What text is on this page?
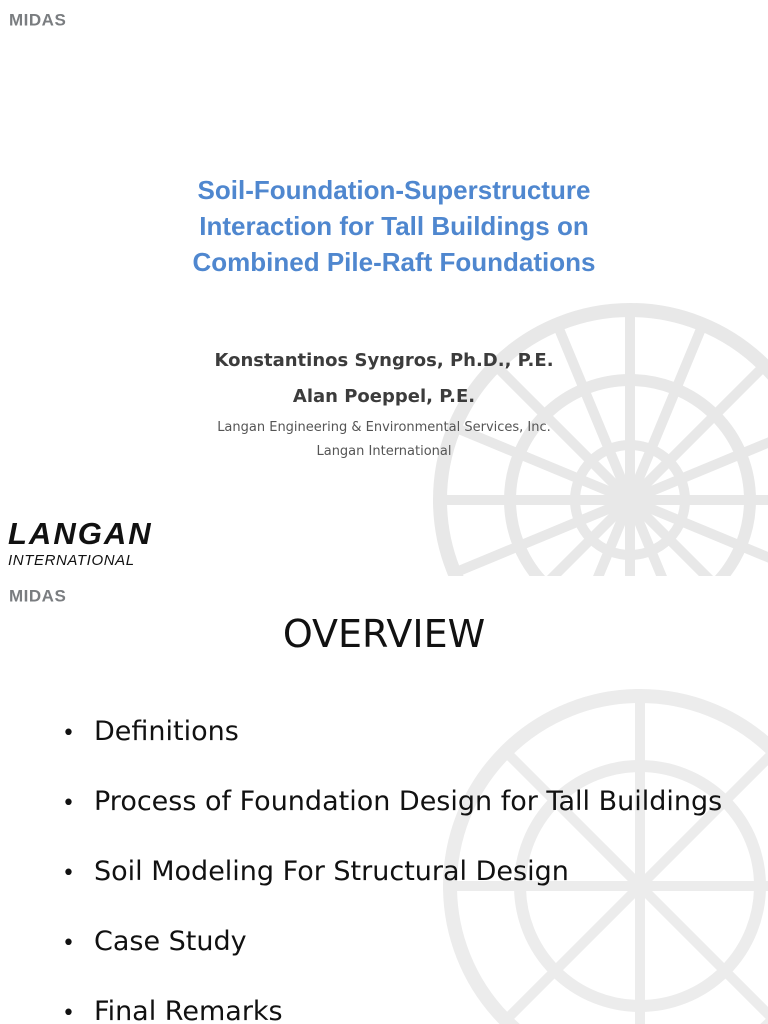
MIDAS
Soil-Foundation-Superstructure
Interaction for Tall Buildings on
Combined Pile-Raft Foundations
Konstantinos Syngros, Ph.D., P.E.
Alan Poeppel, P.E.
Langan Engineering & Environmental Services, Inc.
Langan International
LANGAN
INTERNATIONAL
MIDAS
OVERVIEW
• Definitions
• Process of Foundation Design for Tall Buildings
• Soil Modeling For Structural Design
• Case Study
• Final Remarks
